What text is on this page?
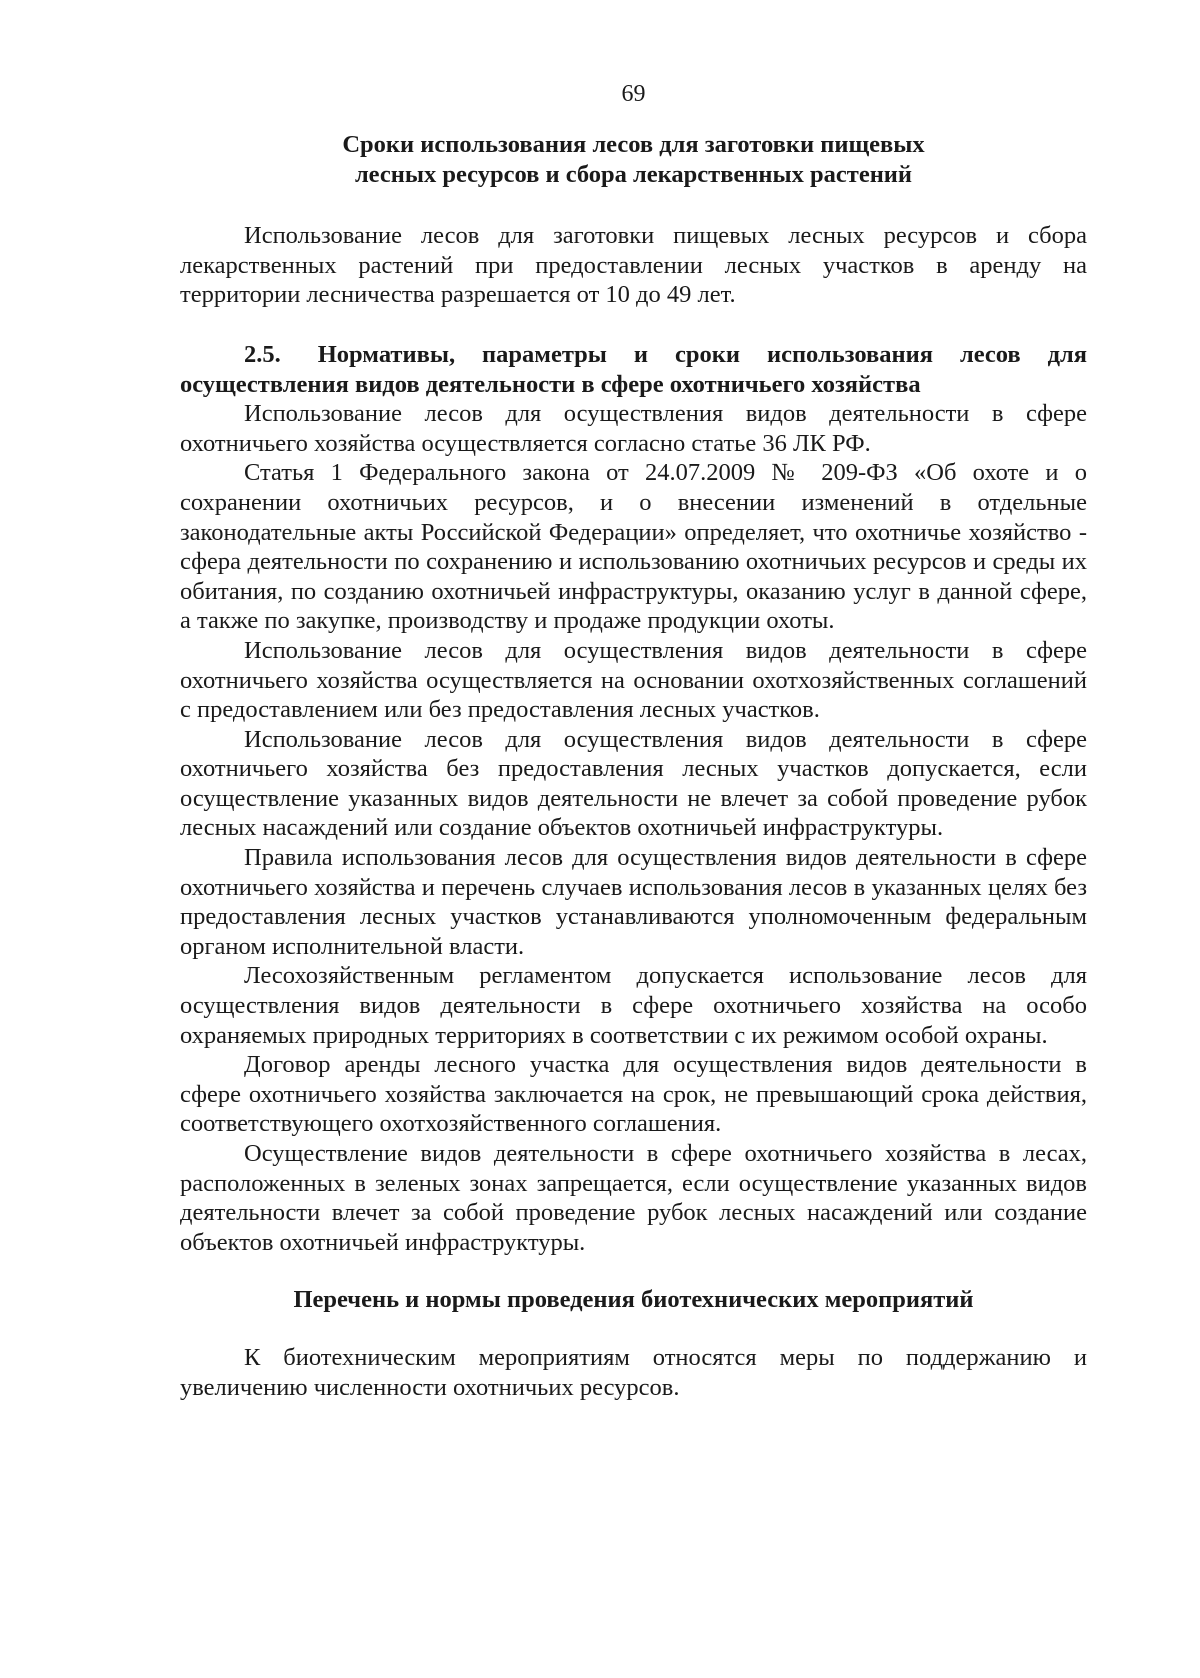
69
Сроки использования лесов для заготовки пищевых
лесных ресурсов и сбора лекарственных растений

Использование лесов для заготовки пищевых лесных ресурсов и сбора лекарственных растений при предоставлении лесных участков в аренду на территории лесничества разрешается от 10 до 49 лет.

2.5. Нормативы, параметры и сроки использования лесов для осуществления видов деятельности в сфере охотничьего хозяйства

Использование лесов для осуществления видов деятельности в сфере охотничьего хозяйства осуществляется согласно статье 36 ЛК РФ.

Статья 1 Федерального закона от 24.07.2009 № 209-ФЗ «Об охоте и о сохранении охотничьих ресурсов, и о внесении изменений в отдельные законодательные акты Российской Федерации» определяет, что охотничье хозяйство - сфера деятельности по сохранению и использованию охотничьих ресурсов и среды их обитания, по созданию охотничьей инфраструктуры, оказанию услуг в данной сфере, а также по закупке, производству и продаже продукции охоты.

Использование лесов для осуществления видов деятельности в сфере охотничьего хозяйства осуществляется на основании охотхозяйственных соглашений с предоставлением или без предоставления лесных участков.

Использование лесов для осуществления видов деятельности в сфере охотничьего хозяйства без предоставления лесных участков допускается, если осуществление указанных видов деятельности не влечет за собой проведение рубок лесных насаждений или создание объектов охотничьей инфраструктуры.

Правила использования лесов для осуществления видов деятельности в сфере охотничьего хозяйства и перечень случаев использования лесов в указанных целях без предоставления лесных участков устанавливаются уполномоченным федеральным органом исполнительной власти.

Лесохозяйственным регламентом допускается использование лесов для осуществления видов деятельности в сфере охотничьего хозяйства на особо охраняемых природных территориях в соответствии с их режимом особой охраны.

Договор аренды лесного участка для осуществления видов деятельности в сфере охотничьего хозяйства заключается на срок, не превышающий срока действия, соответствующего охотхозяйственного соглашения.

Осуществление видов деятельности в сфере охотничьего хозяйства в лесах, расположенных в зеленых зонах запрещается, если осуществление указанных видов деятельности влечет за собой проведение рубок лесных насаждений или создание объектов охотничьей инфраструктуры.

Перечень и нормы проведения биотехнических мероприятий

К биотехническим мероприятиям относятся меры по поддержанию и увеличению численности охотничьих ресурсов.
